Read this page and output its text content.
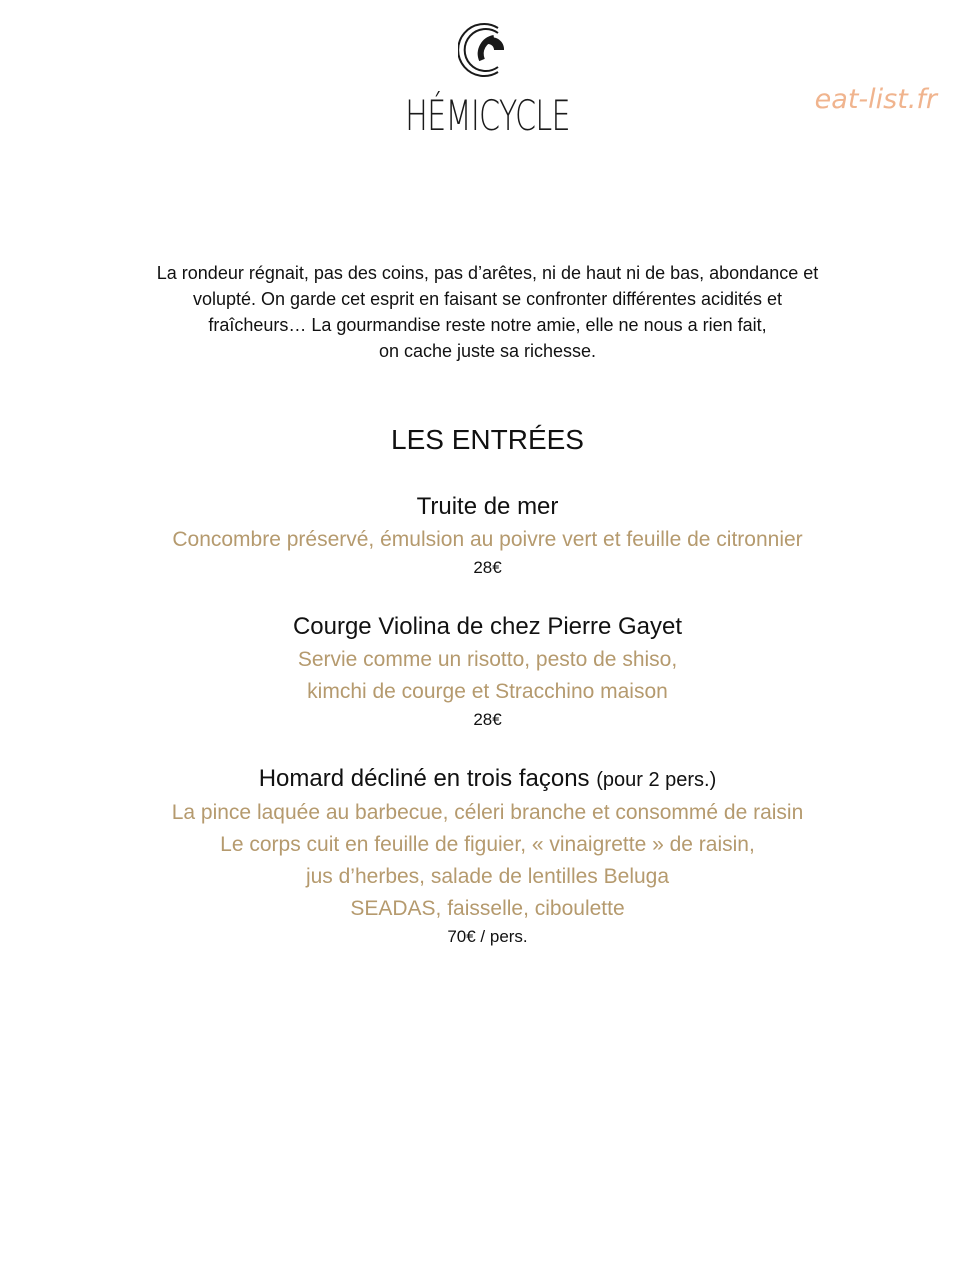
HÉMICYCLE	eat-list.fr
La rondeur régnait, pas des coins, pas d’arêtes, ni de haut ni de bas, abondance et
volupté. On garde cet esprit en faisant se confronter différentes acidités et
fraîcheurs… La gourmandise reste notre amie, elle ne nous a rien fait,
on cache juste sa richesse.
LES ENTRÉES
Truite de mer
Concombre préservé, émulsion au poivre vert et feuille de citronnier
28€
Courge Violina de chez Pierre Gayet
Servie comme un risotto, pesto de shiso,
kimchi de courge et Stracchino maison
28€
Homard décliné en trois façons (pour 2 pers.)
La pince laquée au barbecue, céleri branche et consommé de raisin
Le corps cuit en feuille de figuier, « vinaigrette » de raisin,
jus d’herbes, salade de lentilles Beluga
SEADAS, faisselle, ciboulette
70€ / pers.
